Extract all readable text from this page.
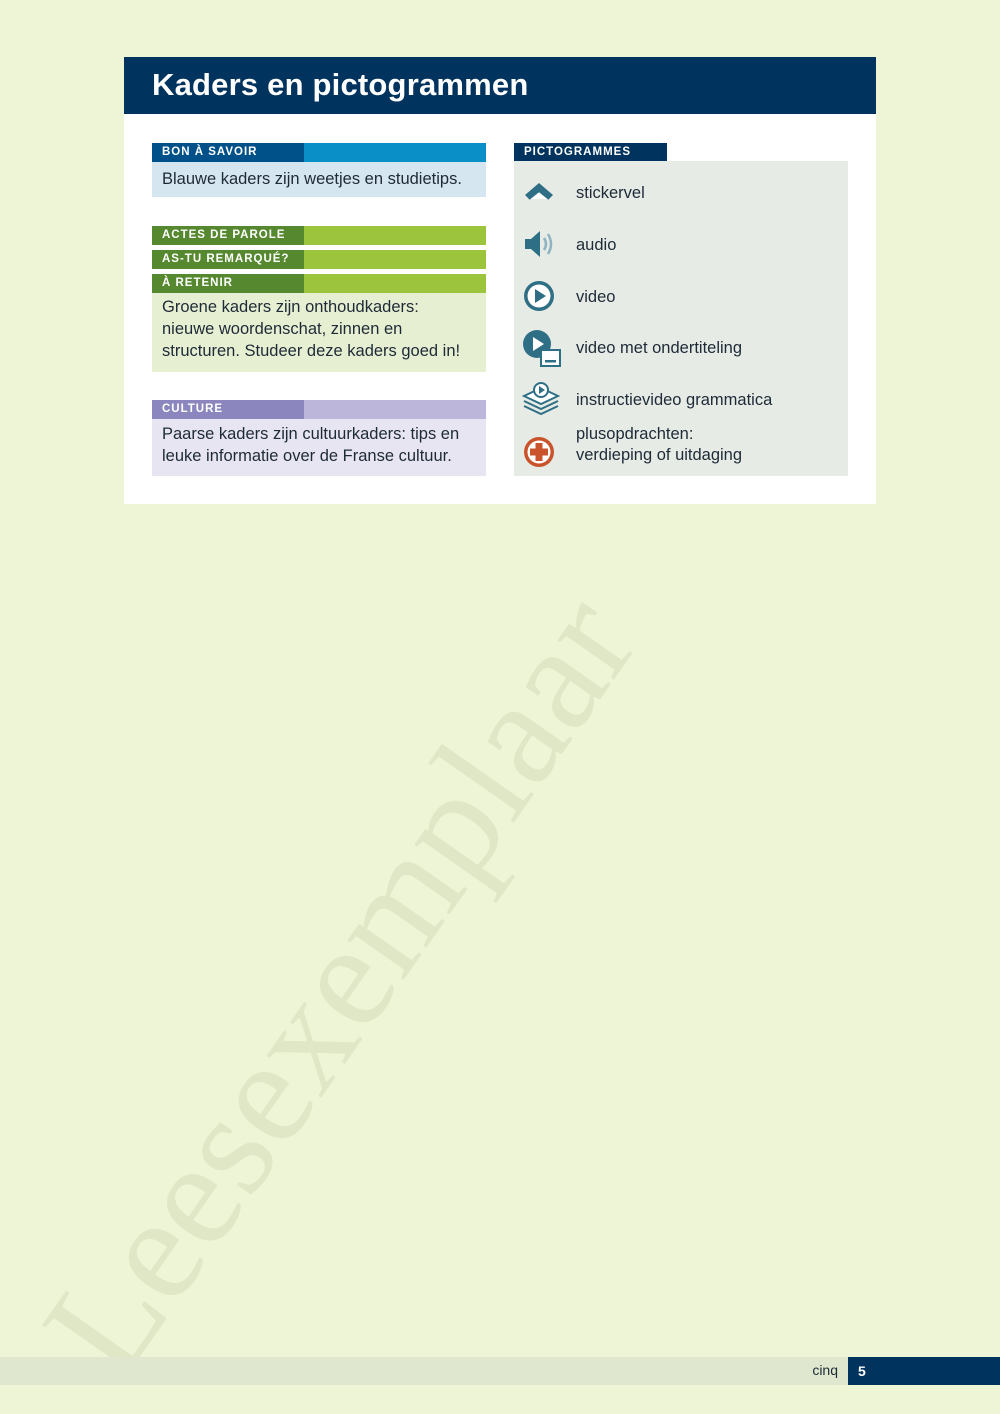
Kaders en pictogrammen
BON À SAVOIR
Blauwe kaders zijn weetjes en studietips.
ACTES DE PAROLE
AS-TU REMARQUÉ?
À RETENIR
Groene kaders zijn onthoudkaders:
nieuwe woordenschat, zinnen en
structuren. Studeer deze kaders goed in!
CULTURE
Paarse kaders zijn cultuurkaders: tips en
leuke informatie over de Franse cultuur.
PICTOGRAMMES
stickervel
audio
video
video met ondertiteling
instructievideo grammatica
plusopdrachten:
verdieping of uitdaging
Leesexemplaar	cinq	5
